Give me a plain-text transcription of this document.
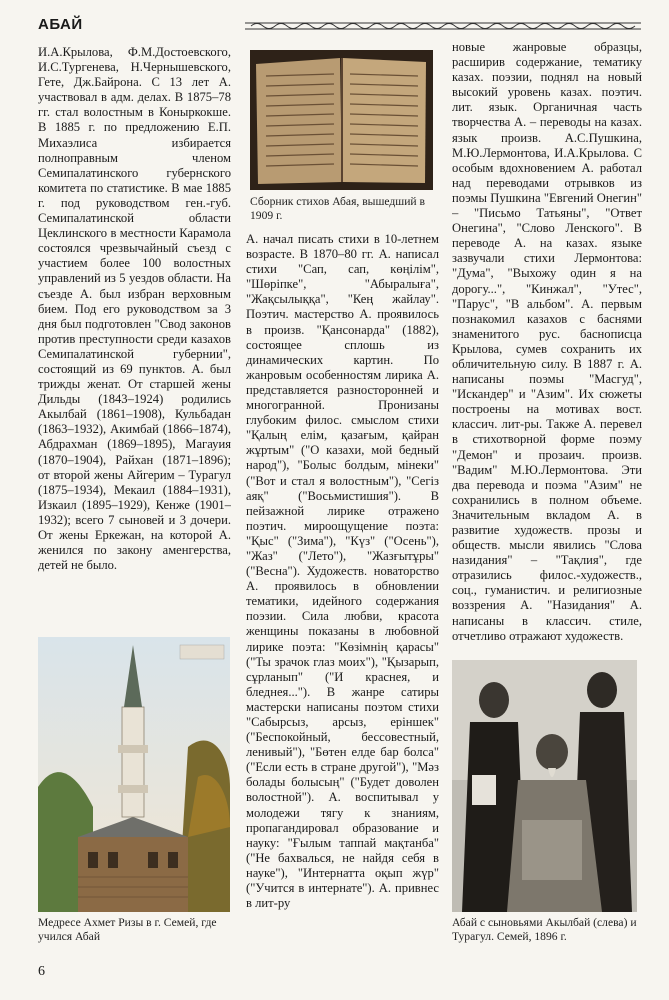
АБАЙ

И.А.Крылова, Ф.М.Достоевского, И.С.Тургенева, Н.Чернышевского, Гете, Дж.Байрона. С 13 лет А. участвовал в адм. делах. В 1875–78 гг. стал волостным в Коныркокше. В 1885 г. по предложению Е.П. Михаэлиса избирается полноправным членом Семипалатинского губернского комитета по статистике. В мае 1885 г. под руководством ген.-губ. Семипалатинской области Цеклинского в местности Карамола состоялся чрезвычайный съезд с участием более 100 волостных управлений из 5 уездов области. На съезде А. был избран верховным бием. Под его руководством за 3 дня был подготовлен "Свод законов против преступности среди казахов Семипалатинской губернии", состоящий из 69 пунктов. А. был трижды женат. От старшей жены Дильды (1843–1924) родились Акылбай (1861–1908), Кульбадан (1863–1932), Акимбай (1866–1874), Абдрахман (1869–1895), Магауия (1870–1904), Райхан (1871–1896); от второй жены Айгерим – Турагул (1875–1934), Мекаил (1884–1931), Изкаил (1895–1929), Кенже (1901–1932); всего 7 сыновей и 3 дочери. От жены Еркежан, на которой А. женился по закону аменгерства, детей не было.

Сборник стихов Абая, вышедший в 1909 г.

А. начал писать стихи в 10-летнем возрасте. В 1870–80 гг. А. написал стихи "Сап, сап, көңілім", "Шөріпке", "Абыралыға", "Жақсылыққа", "Кең жайлау". Поэтич. мастерство А. проявилось в произв. "Қансонарда" (1882), состоящее сплошь из динамических картин. По жанровым особенностям лирика А. представляется разносторонней и многогранной. Пронизаны глубоким филос. смыслом стихи "Қалың елім, қазағым, қайран жұртым" ("О казахи, мой бедный народ"), "Болыс болдым, мінеки" ("Вот и стал я волостным"), "Сегіз аяқ" ("Восьмистишия"). В пейзажной лирике отражено поэтич. мироощущение поэта: "Қыс" ("Зима"), "Күз" ("Осень"), "Жаз" ("Лето"), "Жазғытұры" ("Весна"). Художеств. новаторство А. проявилось в обновлении тематики, идейного содержания поэзии. Сила любви, красота женщины показаны в любовной лирике поэта: "Көзімнің қарасы" ("Ты зрачок глаз моих"), "Қызарып, сұрланып" ("И краснея, и бледнея..."). В жанре сатиры мастерски написаны поэтом стихи "Сабырсыз, арсыз, еріншек" ("Беспокойный, бессовестный, ленивый"), "Бөтен елде бар болса" ("Если есть в стране другой"), "Мәз болады болысың" ("Будет доволен волостной"). А. воспитывал у молодежи тягу к знаниям, пропагандировал образование и науку: "Ғылым таппай мақтанба" ("Не бахвалься, не найдя себя в науке"), "Интернатта оқып жүр" ("Учится в интернате"). А. привнес в лит-ру

новые жанровые образцы, расширив содержание, тематику казах. поэзии, поднял на новый высокий уровень казах. поэтич. лит. язык. Органичная часть творчества А. – переводы на казах. язык произв. А.С.Пушкина, М.Ю.Лермонтова, И.А.Крылова. С особым вдохновением А. работал над переводами отрывков из поэмы Пушкина "Евгений Онегин" – "Письмо Татьяны", "Ответ Онегина", "Слово Ленского". В переводе А. на казах. языке зазвучали стихи Лермонтова: "Дума", "Выхожу один я на дорогу...", "Кинжал", "Утес", "Парус", "В альбом". А. первым познакомил казахов с баснями знаменитого рус. баснописца Крылова, сумев сохранить их обличительную силу. В 1887 г. А. написаны поэмы "Масгуд", "Искандер" и "Азим". Их сюжеты построены на мотивах вост. классич. лит-ры. Также А. перевел в стихотворной форме поэму "Демон" и прозаич. произв. "Вадим" М.Ю.Лермонтова. Эти два перевода и поэма "Азим" не сохранились в полном объеме. Значительным вкладом А. в развитие художеств. прозы и обществ. мысли явились "Слова назидания" – "Тақлия", где отразились филос.-художеств., соц., гуманистич. и религиозные воззрения А. "Назидания" А. написаны в классич. стиле, отчетливо отражают художеств.

Медресе Ахмет Ризы в г. Семей, где учился Абай
Абай с сыновьями Акылбай (слева) и Турагул. Семей, 1896 г.
6
